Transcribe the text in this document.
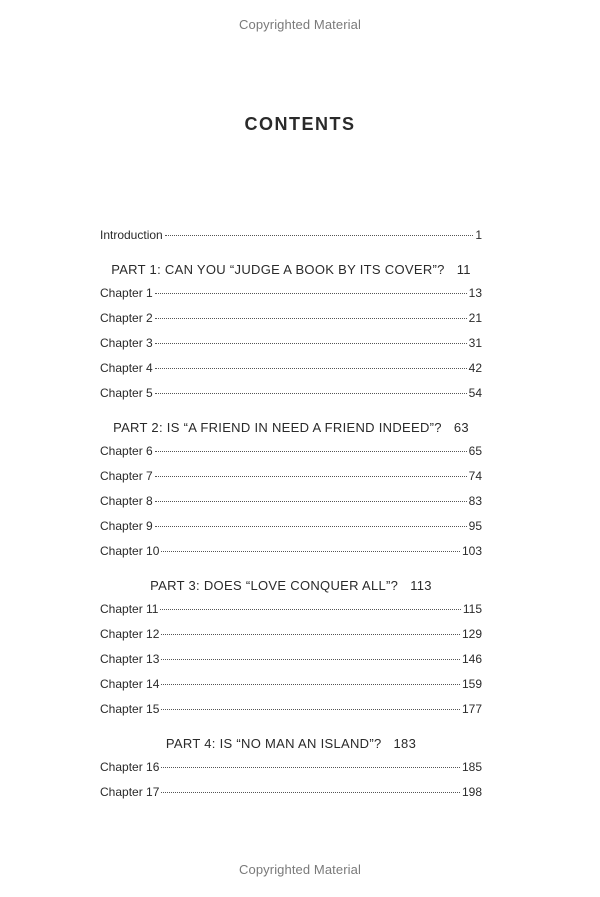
Copyrighted Material
CONTENTS
Introduction	1
PART 1: CAN YOU “JUDGE A BOOK BY ITS COVER”? 11
Chapter 1	13
Chapter 2	21
Chapter 3	31
Chapter 4	42
Chapter 5	54
PART 2: IS “A FRIEND IN NEED A FRIEND INDEED”? 63
Chapter 6	65
Chapter 7	74
Chapter 8	83
Chapter 9	95
Chapter 10	103
PART 3: DOES “LOVE CONQUER ALL”? 113
Chapter 11	115
Chapter 12	129
Chapter 13	146
Chapter 14	159
Chapter 15	177
PART 4: IS “NO MAN AN ISLAND”? 183
Chapter 16	185
Chapter 17	198
Copyrighted Material
